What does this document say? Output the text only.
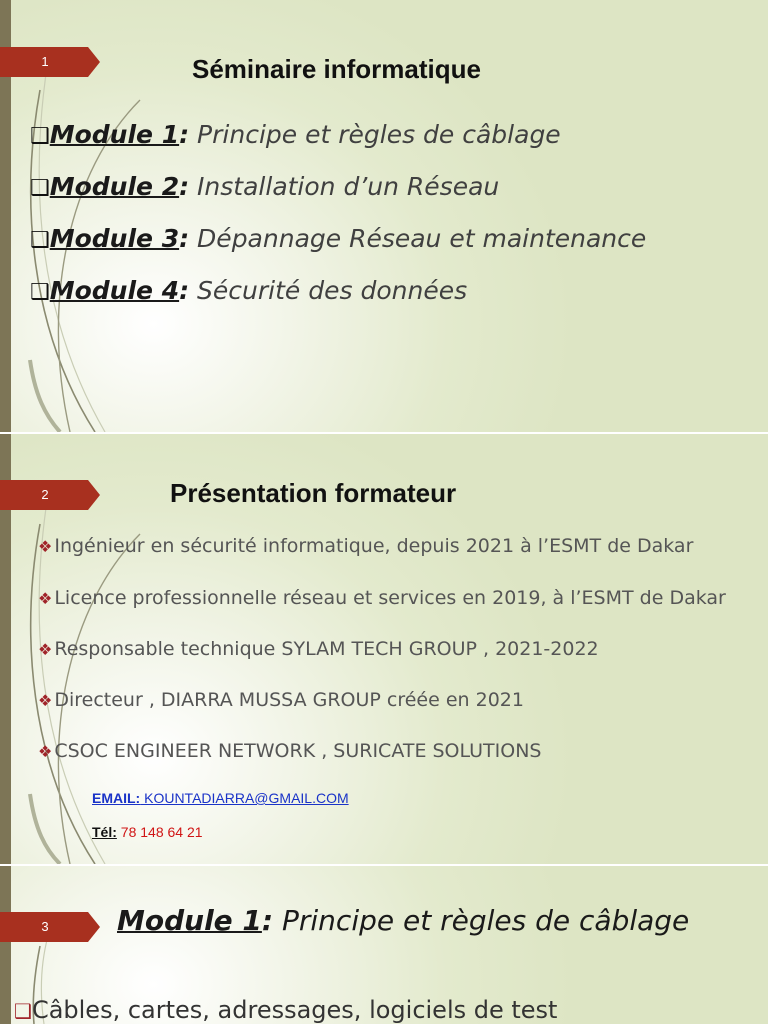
1	Séminaire informatique
❑Module 1: Principe et règles de câblage
❑Module 2: Installation d’un Réseau
❑Module 3: Dépannage Réseau et maintenance
❑Module 4: Sécurité des données
2	Présentation formateur
❖ Ingénieur en sécurité informatique, depuis 2021 à l’ESMT de Dakar
❖ Licence professionnelle réseau et services en 2019, à l’ESMT de Dakar
❖ Responsable technique SYLAM TECH GROUP , 2021-2022
❖ Directeur , DIARRA MUSSA GROUP créée en 2021
❖ CSOC ENGINEER NETWORK , SURICATE SOLUTIONS
EMAIL: KOUNTADIARRA@GMAIL.COM
Tél: 78 148 64 21
3	Module 1: Principe et règles de câblage
❑Câbles, cartes, adressages, logiciels de test
